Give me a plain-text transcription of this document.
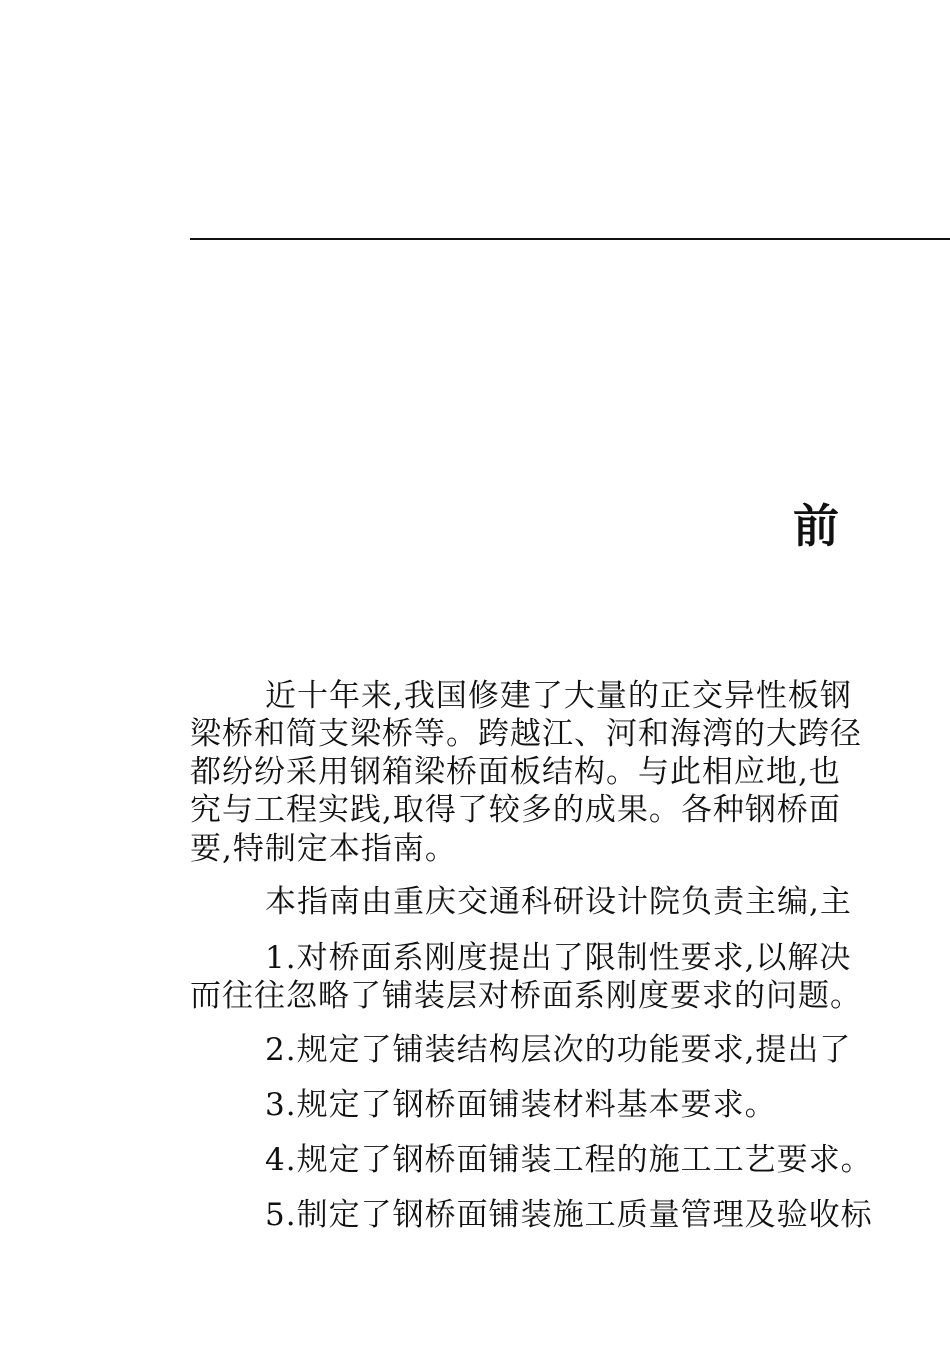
前
近十年来,我国修建了大量的正交异性板钢
梁桥和简支梁桥等。跨越江、河和海湾的大跨径
都纷纷采用钢箱梁桥面板结构。与此相应地,也
究与工程实践,取得了较多的成果。各种钢桥面
要,特制定本指南。
本指南由重庆交通科研设计院负责主编,主
1.对桥面系刚度提出了限制性要求,以解决
而往往忽略了铺装层对桥面系刚度要求的问题。
2.规定了铺装结构层次的功能要求,提出了
3.规定了钢桥面铺装材料基本要求。
4.规定了钢桥面铺装工程的施工工艺要求。
5.制定了钢桥面铺装施工质量管理及验收标
